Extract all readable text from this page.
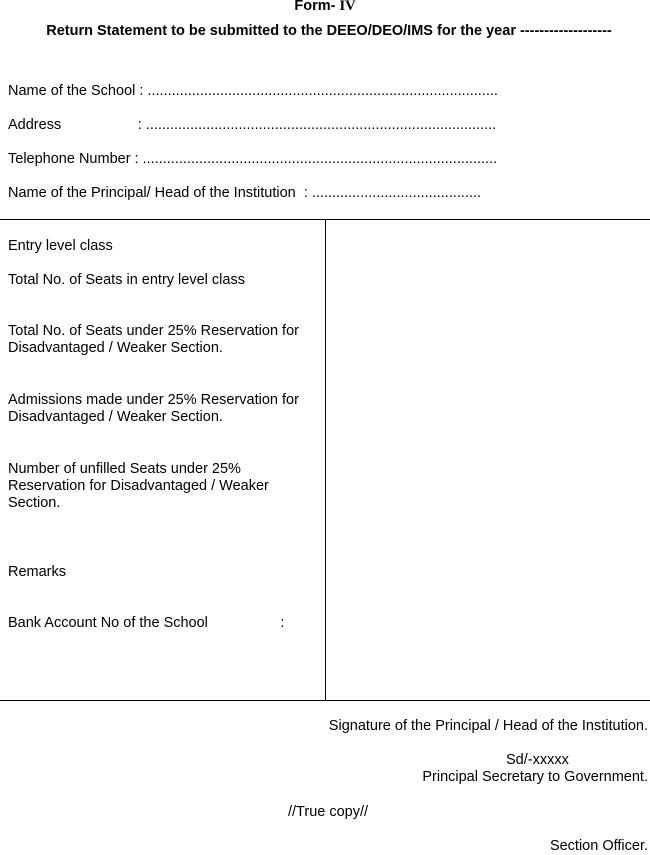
Form- IV
Return Statement to be submitted to the DEEO/DEO/IMS for the year -------------------
Name of the School : .......................................................................................
Address                   : .......................................................................................
Telephone Number : ........................................................................................
Name of the Principal/ Head of the Institution  : ..........................................
Entry level class
Total No. of Seats in entry level class
Total No. of Seats under 25% Reservation for Disadvantaged / Weaker Section.
Admissions made under 25% Reservation for Disadvantaged / Weaker Section.
Number of unfilled Seats under 25% Reservation for Disadvantaged / Weaker Section.
Remarks
Bank Account No of the School                  :
Signature of the Principal / Head of the Institution.
Sd/-xxxxx
Principal Secretary to Government.
//True copy//
Section Officer.
